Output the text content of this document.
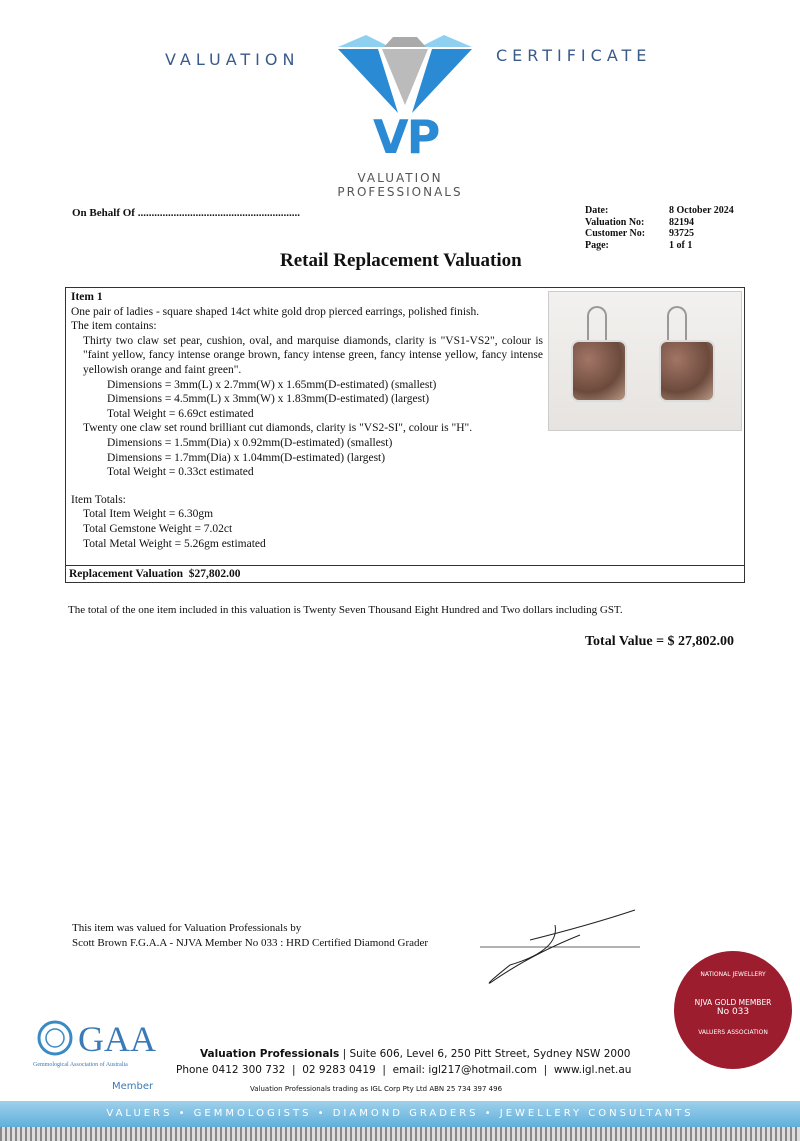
VALUATION	CERTIFICATE
VP
VALUATION
PROFESSIONALS
On Behalf Of ...........................................................	Date:	8 October 2024
Valuation No:	82194
Customer No:	93725
Page:	1 of 1
Retail Replacement Valuation
Item 1
One pair of ladies - square shaped 14ct white gold drop pierced earrings, polished finish.
The item contains:
Thirty two claw set pear, cushion, oval, and marquise diamonds, clarity is "VS1-VS2", colour is "faint yellow, fancy intense orange brown, fancy intense green, fancy intense yellow, fancy intense yellowish orange and faint green".
Dimensions = 3mm(L) x 2.7mm(W) x 1.65mm(D-estimated) (smallest)
Dimensions = 4.5mm(L) x 3mm(W) x 1.83mm(D-estimated) (largest)
Total Weight = 6.69ct estimated
Twenty one claw set round brilliant cut diamonds, clarity is "VS2-SI", colour is "H".
Dimensions = 1.5mm(Dia) x 0.92mm(D-estimated) (smallest)
Dimensions = 1.7mm(Dia) x 1.04mm(D-estimated) (largest)
Total Weight = 0.33ct estimated
Item Totals:
Total Item Weight = 6.30gm
Total Gemstone Weight = 7.02ct
Total Metal Weight = 5.26gm estimated
Replacement Valuation $27,802.00
The total of the one item included in this valuation is Twenty Seven Thousand Eight Hundred and Two dollars including GST.
Total Value = $ 27,802.00
This item was valued for Valuation Professionals by
Scott Brown F.G.A.A - NJVA Member No 033 : HRD Certified Diamond Grader
GAA
Gemmological Association of Australia
Member
Valuation Professionals | Suite 606, Level 6, 250 Pitt Street, Sydney NSW 2000
Phone 0412 300 732  |  02 9283 0419  |  email: igl217@hotmail.com  |  www.igl.net.au
Valuation Professionals trading as IGL Corp Pty Ltd ABN 25 734 397 496
NATIONAL JEWELLERY
NJVA GOLD MEMBER
No 033
VALUERS ASSOCIATION
VALUERS • GEMMOLOGISTS • DIAMOND GRADERS • JEWELLERY CONSULTANTS
